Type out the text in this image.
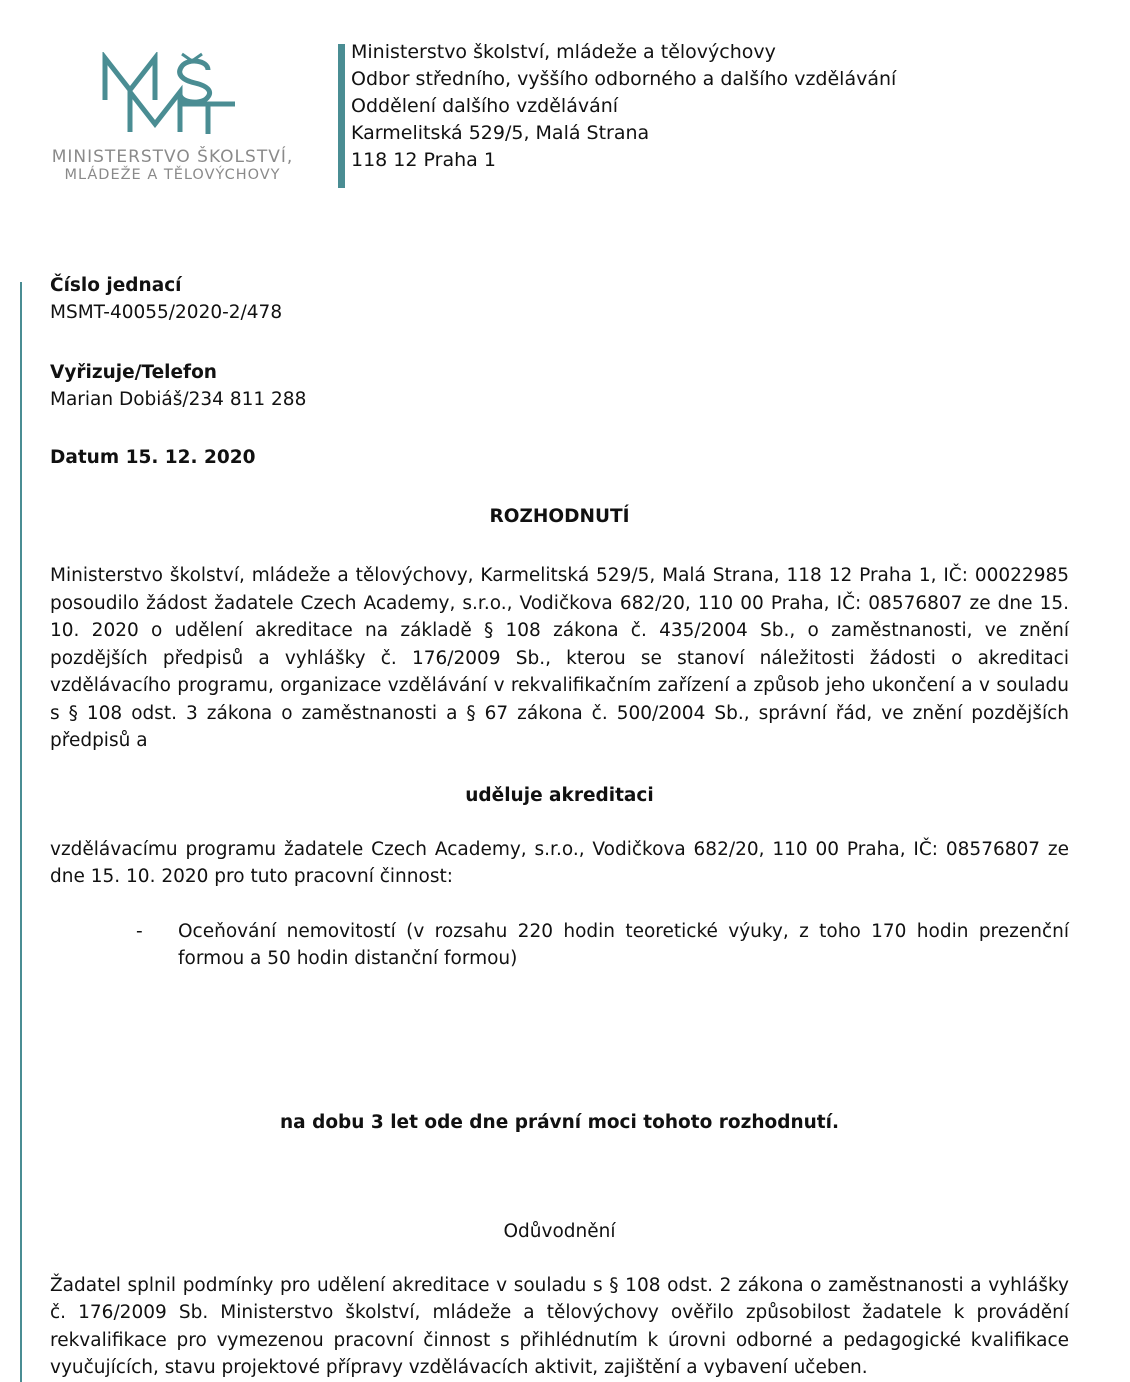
MINISTERSTVO ŠKOLSTVÍ,
MLÁDEŽE A TĚLOVÝCHOVY
Ministerstvo školství, mládeže a tělovýchovy
Odbor středního, vyššího odborného a dalšího vzdělávání
Oddělení dalšího vzdělávání
Karmelitská 529/5, Malá Strana
118 12 Praha 1
Číslo jednací
MSMT-40055/2020-2/478
Vyřizuje/Telefon
Marian Dobiáš/234 811 288
Datum 15. 12. 2020
ROZHODNUTÍ

Ministerstvo školství, mládeže a tělovýchovy, Karmelitská 529/5, Malá Strana, 118 12 Praha 1, IČ: 00022985 posoudilo žádost žadatele Czech Academy, s.r.o., Vodičkova 682/20, 110 00 Praha, IČ: 08576807 ze dne 15. 10. 2020 o udělení akreditace na základě § 108 zákona č. 435/2004 Sb., o zaměstnanosti, ve znění pozdějších předpisů a vyhlášky č. 176/2009 Sb., kterou se stanoví náležitosti žádosti o akreditaci vzdělávacího programu, organizace vzdělávání v rekvalifikačním zařízení a způsob jeho ukončení a v souladu s § 108 odst. 3 zákona o zaměstnanosti a § 67 zákona č. 500/2004 Sb., správní řád, ve znění pozdějších předpisů a

uděluje akreditaci

vzdělávacímu programu žadatele Czech Academy, s.r.o., Vodičkova 682/20, 110 00 Praha, IČ: 08576807 ze dne 15. 10. 2020 pro tuto pracovní činnost:

- Oceňování nemovitostí (v rozsahu 220 hodin teoretické výuky, z toho 170 hodin prezenční formou a 50 hodin distanční formou)
na dobu 3 let ode dne právní moci tohoto rozhodnutí.
Odůvodnění

Žadatel splnil podmínky pro udělení akreditace v souladu s § 108 odst. 2 zákona o zaměstnanosti a vyhlášky č. 176/2009 Sb. Ministerstvo školství, mládeže a tělovýchovy ověřilo způsobilost žadatele k provádění rekvalifikace pro vymezenou pracovní činnost s přihlédnutím k úrovni odborné a pedagogické kvalifikace vyučujících, stavu projektové přípravy vzdělávacích aktivit, zajištění a vybavení učeben.
